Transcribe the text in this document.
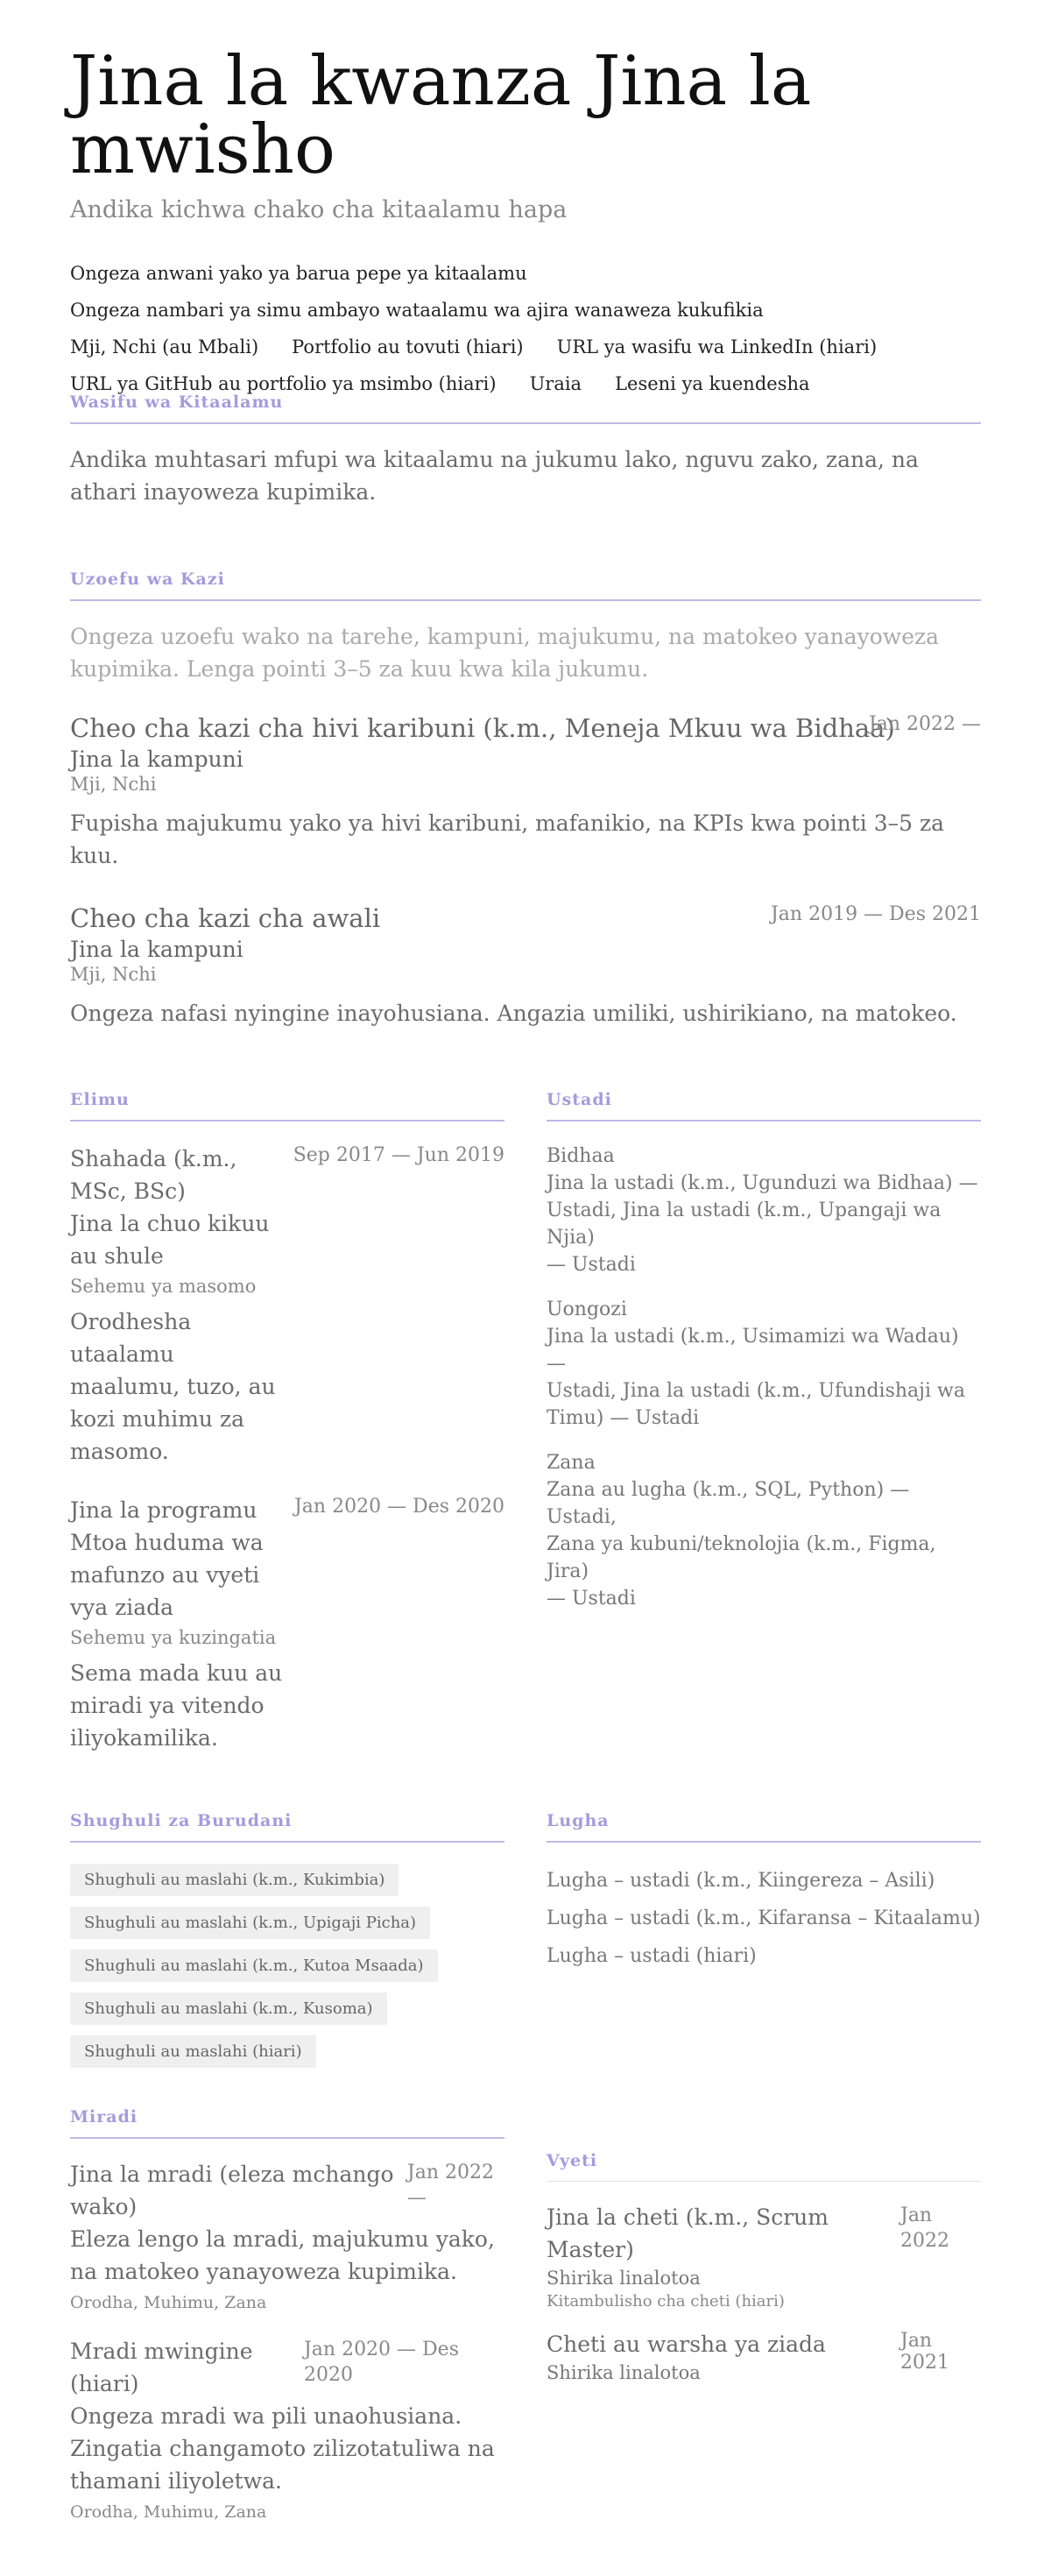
Jina la kwanza Jina la mwisho
Andika kichwa chako cha kitaalamu hapa
Ongeza anwani yako ya barua pepe ya kitaalamu
Ongeza nambari ya simu ambayo wataalamu wa ajira wanaweza kukufikia
Mji, Nchi (au Mbali) Portfolio au tovuti (hiari) URL ya wasifu wa LinkedIn (hiari)
URL ya GitHub au portfolio ya msimbo (hiari) Uraia Leseni ya kuendesha
Wasifu wa Kitaalamu
Andika muhtasari mfupi wa kitaalamu na jukumu lako, nguvu zako, zana, na athari inayoweza kupimika.
Uzoefu wa Kazi
Ongeza uzoefu wako na tarehe, kampuni, majukumu, na matokeo yanayoweza kupimika. Lenga pointi 3–5 za kuu kwa kila jukumu.
Cheo cha kazi cha hivi karibuni (k.m., Meneja Mkuu wa Bidhaa)
Jan 2022 —
Jina la kampuni
Mji, Nchi
Fupisha majukumu yako ya hivi karibuni, mafanikio, na KPIs kwa pointi 3–5 za kuu.
Cheo cha kazi cha awali	Jan 2019 — Des 2021
Jina la kampuni
Mji, Nchi
Ongeza nafasi nyingine inayohusiana. Angazia umiliki, ushirikiano, na matokeo.
Elimu
Sep 2017 — Jun 2019
Shahada (k.m.,
MSc, BSc)
Jina la chuo kikuu
au shule
Sehemu ya masomo
Orodhesha
utaalamu
maalumu, tuzo, au
kozi muhimu za
masomo.
Jan 2020 — Des 2020
Jina la programu
Mtoa huduma wa
mafunzo au vyeti
vya ziada
Sehemu ya kuzingatia
Sema mada kuu au
miradi ya vitendo
iliyokamilika.
Ustadi
Bidhaa
Jina la ustadi (k.m., Ugunduzi wa Bidhaa) —
Ustadi, Jina la ustadi (k.m., Upangaji wa Njia)
— Ustadi
Uongozi
Jina la ustadi (k.m., Usimamizi wa Wadau) —
Ustadi, Jina la ustadi (k.m., Ufundishaji wa
Timu) — Ustadi
Zana
Zana au lugha (k.m., SQL, Python) — Ustadi,
Zana ya kubuni/teknolojia (k.m., Figma, Jira)
— Ustadi
Shughuli za Burudani
Shughuli au maslahi (k.m., Kukimbia)
Shughuli au maslahi (k.m., Upigaji Picha)
Shughuli au maslahi (k.m., Kutoa Msaada)
Shughuli au maslahi (k.m., Kusoma)
Shughuli au maslahi (hiari)
Lugha
Lugha – ustadi (k.m., Kiingereza – Asili)
Lugha – ustadi (k.m., Kifaransa – Kitaalamu)
Lugha – ustadi (hiari)
Miradi
Jan 2022
—
Jina la mradi (eleza mchango
wako)
Eleza lengo la mradi, majukumu yako,
na matokeo yanayoweza kupimika.
Orodha, Muhimu, Zana
Jan 2020 — Des
2020
Mradi mwingine
(hiari)
Ongeza mradi wa pili unaohusiana.
Zingatia changamoto zilizotatuliwa na
thamani iliyoletwa.
Orodha, Muhimu, Zana
Vyeti
Jan
2022
Jina la cheti (k.m., Scrum
Master)
Shirika linalotoa
Kitambulisho cha cheti (hiari)
Jan 2021
Cheti au warsha ya ziada
Shirika linalotoa
